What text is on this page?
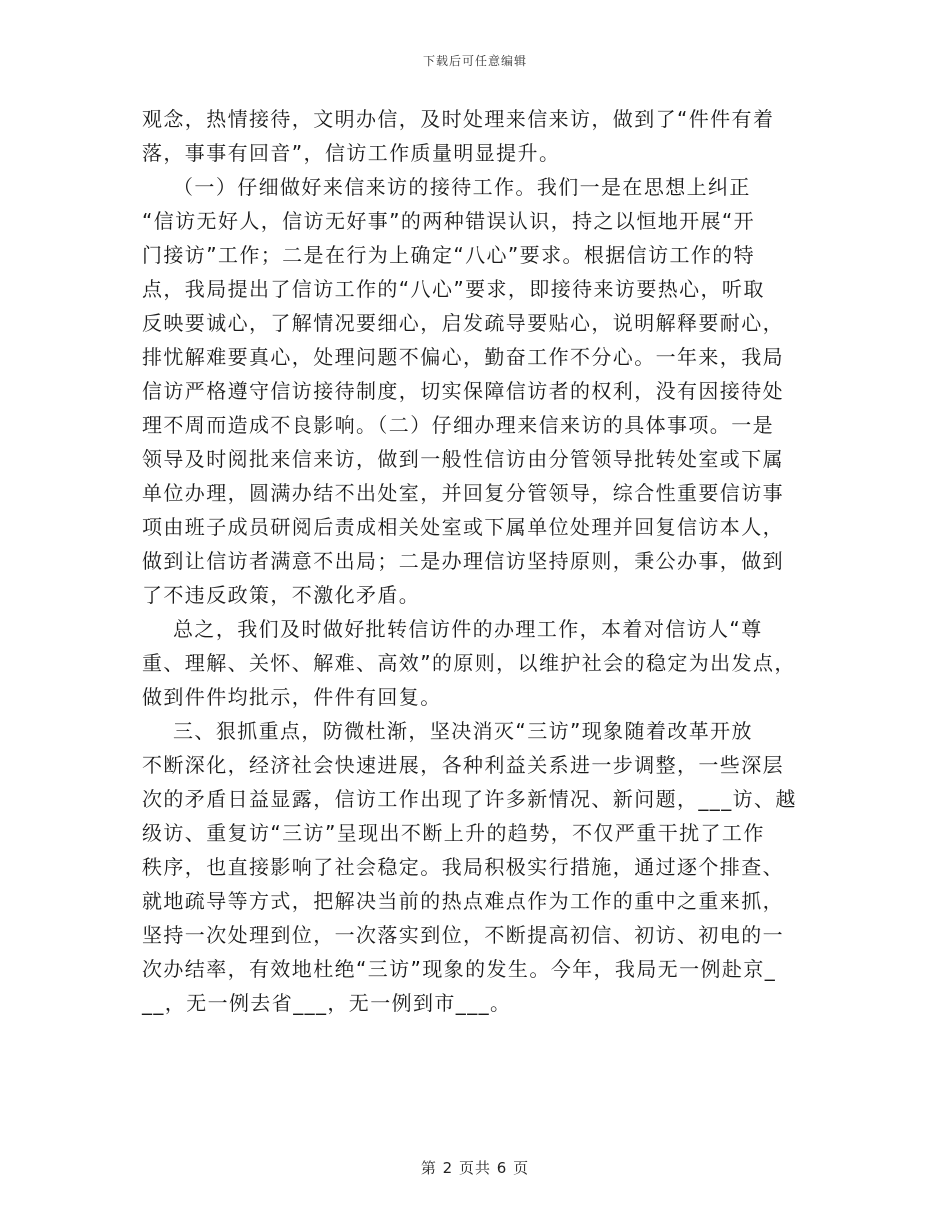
下载后可任意编辑
观念，热情接待，文明办信，及时处理来信来访，做到了“件件有着
落，事事有回音”，信访工作质量明显提升。
（一）仔细做好来信来访的接待工作。我们一是在思想上纠正
“信访无好人，信访无好事”的两种错误认识，持之以恒地开展“开
门接访”工作；二是在行为上确定“八心”要求。根据信访工作的特
点，我局提出了信访工作的“八心”要求，即接待来访要热心，听取
反映要诚心，了解情况要细心，启发疏导要贴心，说明解释要耐心，
排忧解难要真心，处理问题不偏心，勤奋工作不分心。一年来，我局
信访严格遵守信访接待制度，切实保障信访者的权利，没有因接待处
理不周而造成不良影响。（二）仔细办理来信来访的具体事项。一是
领导及时阅批来信来访，做到一般性信访由分管领导批转处室或下属
单位办理，圆满办结不出处室，并回复分管领导，综合性重要信访事
项由班子成员研阅后责成相关处室或下属单位处理并回复信访本人，
做到让信访者满意不出局；二是办理信访坚持原则，秉公办事，做到
了不违反政策，不激化矛盾。
总之，我们及时做好批转信访件的办理工作，本着对信访人“尊
重、理解、关怀、解难、高效”的原则，以维护社会的稳定为出发点，
做到件件均批示，件件有回复。
三、狠抓重点，防微杜渐，坚决消灭“三访”现象随着改革开放
不断深化，经济社会快速进展，各种利益关系进一步调整，一些深层
次的矛盾日益显露，信访工作出现了许多新情况、新问题，___访、越
级访、重复访“三访”呈现出不断上升的趋势，不仅严重干扰了工作
秩序，也直接影响了社会稳定。我局积极实行措施，通过逐个排查、
就地疏导等方式，把解决当前的热点难点作为工作的重中之重来抓，
坚持一次处理到位，一次落实到位，不断提高初信、初访、初电的一
次办结率，有效地杜绝“三访”现象的发生。今年，我局无一例赴京_
__，无一例去省___，无一例到市___。
第 2 页共 6 页
